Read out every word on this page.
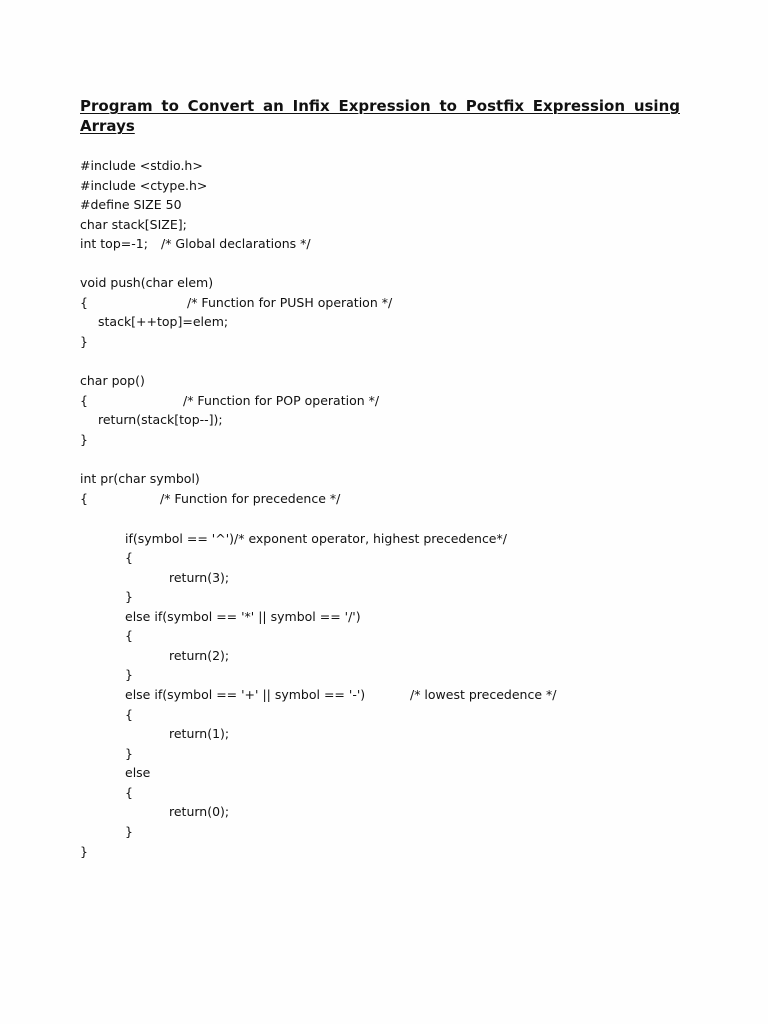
Program to Convert an Infix Expression to Postfix Expression using Arrays
#include <stdio.h>
#include <ctype.h>
#define SIZE 50
char stack[SIZE];
int top=-1; /* Global declarations */
void push(char elem)
{	/* Function for PUSH operation */
stack[++top]=elem;
}
char pop()
{	/* Function for POP operation */
return(stack[top--]);
}
int pr(char symbol)
{	/* Function for precedence */
if(symbol == '^')/* exponent operator, highest precedence*/
{
return(3);
}
else if(symbol == '*' || symbol == '/')
{
return(2);
}
else if(symbol == '+' || symbol == '-')	/* lowest precedence */
{
return(1);
}
else
{
return(0);
}
}
